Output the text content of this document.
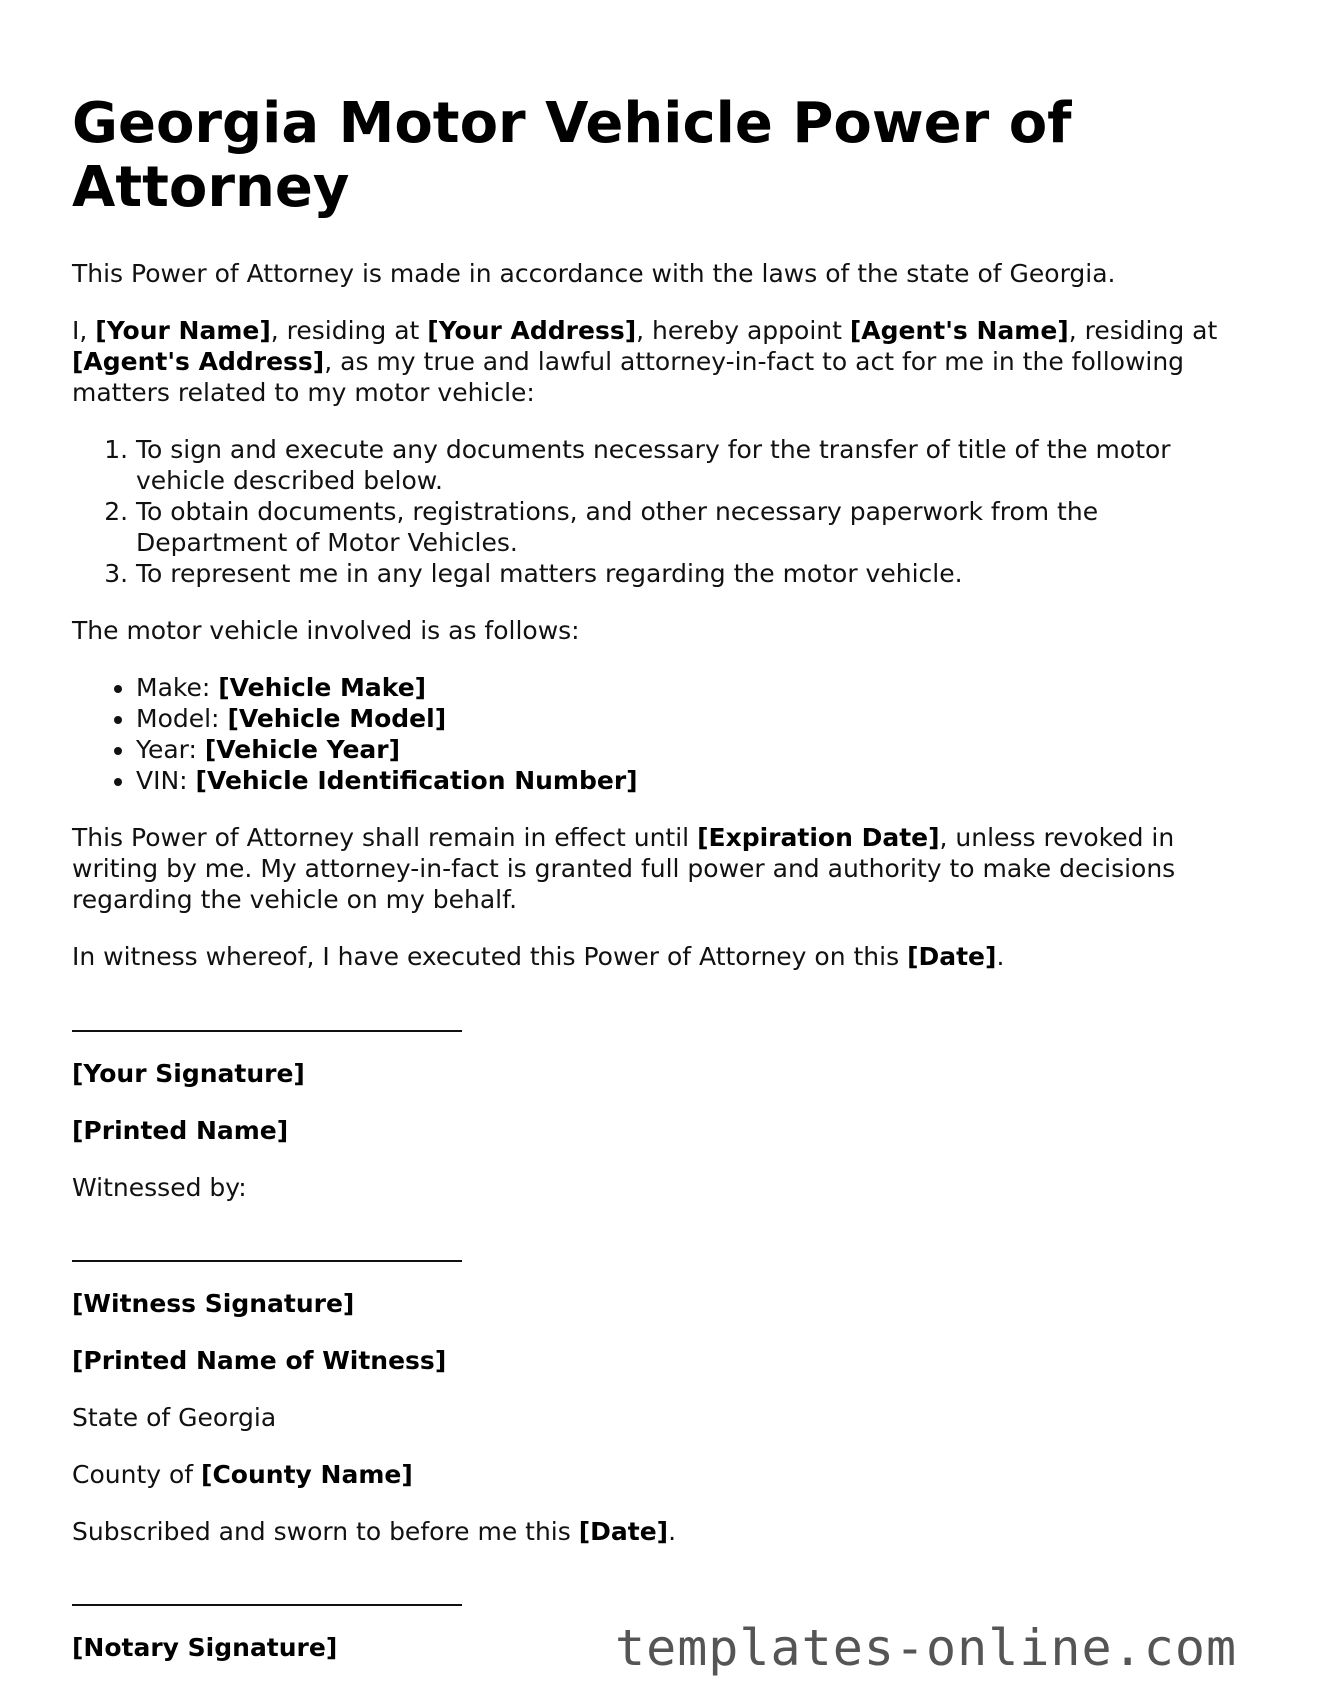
Georgia Motor Vehicle Power of Attorney

This Power of Attorney is made in accordance with the laws of the state of Georgia.

I, [Your Name], residing at [Your Address], hereby appoint [Agent's Name], residing at [Agent's Address], as my true and lawful attorney-in-fact to act for me in the following matters related to my motor vehicle:

1. To sign and execute any documents necessary for the transfer of title of the motor vehicle described below.
2. To obtain documents, registrations, and other necessary paperwork from the Department of Motor Vehicles.
3. To represent me in any legal matters regarding the motor vehicle.

The motor vehicle involved is as follows:

• Make: [Vehicle Make]
• Model: [Vehicle Model]
• Year: [Vehicle Year]
• VIN: [Vehicle Identification Number]

This Power of Attorney shall remain in effect until [Expiration Date], unless revoked in writing by me. My attorney-in-fact is granted full power and authority to make decisions regarding the vehicle on my behalf.

In witness whereof, I have executed this Power of Attorney on this [Date].

[Your Signature]

[Printed Name]

Witnessed by:

[Witness Signature]

[Printed Name of Witness]

State of Georgia

County of [County Name]

Subscribed and sworn to before me this [Date].

[Notary Signature]	templates-online.com
